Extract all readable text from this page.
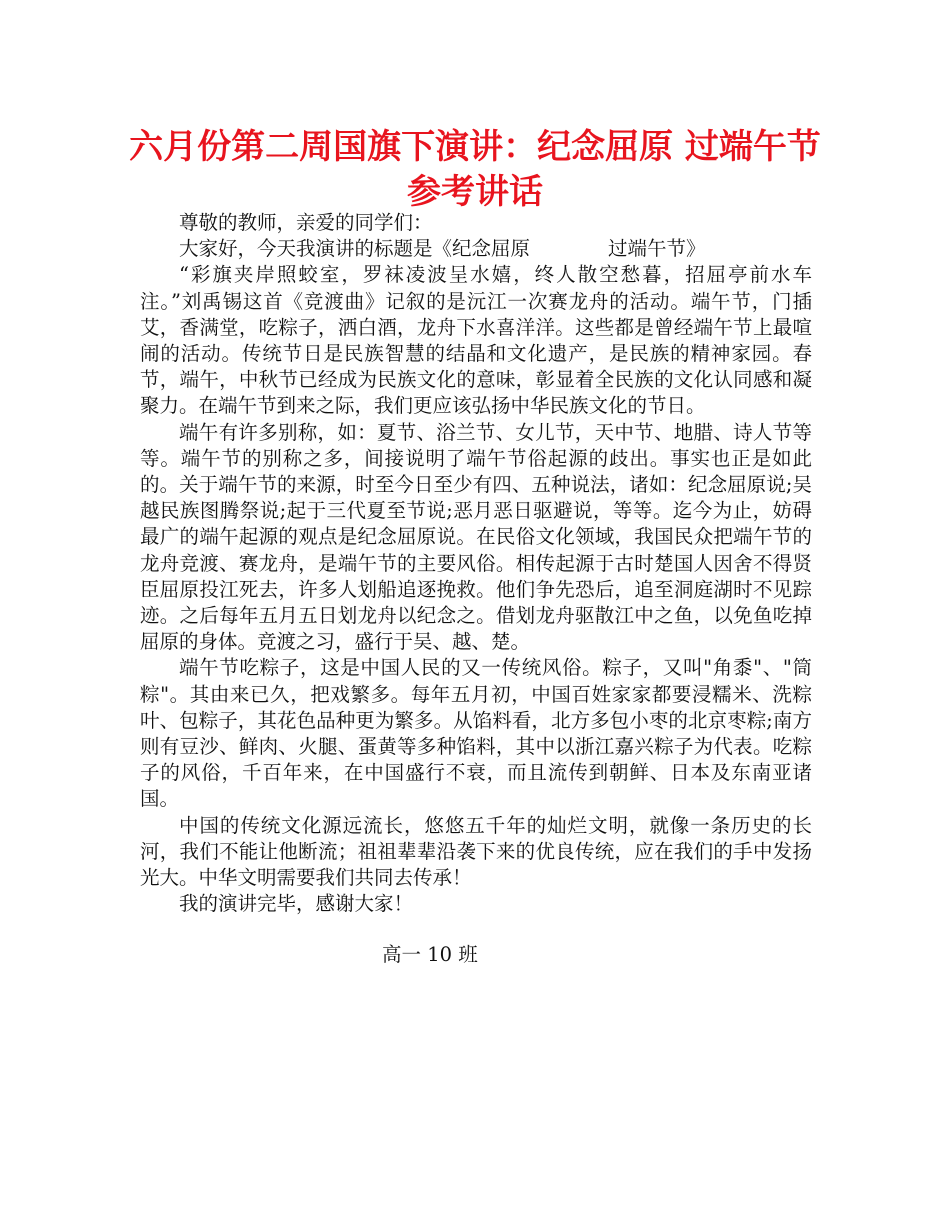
六月份第二周国旗下演讲：纪念屈原 过端午节参考讲话

尊敬的教师，亲爱的同学们：

大家好，今天我演讲的标题是《纪念屈原　　　　过端午节》

“彩旗夹岸照蛟室，罗袜凌波呈水嬉，终人散空愁暮，招屈亭前水车注。”刘禹锡这首《竞渡曲》记叙的是沅江一次赛龙舟的活动。端午节，门插艾，香满堂，吃粽子，洒白酒，龙舟下水喜洋洋。这些都是曾经端午节上最喧闹的活动。传统节日是民族智慧的结晶和文化遗产，是民族的精神家园。春节，端午，中秋节已经成为民族文化的意味，彰显着全民族的文化认同感和凝聚力。在端午节到来之际，我们更应该弘扬中华民族文化的节日。

端午有许多别称，如：夏节、浴兰节、女儿节，天中节、地腊、诗人节等等。端午节的别称之多，间接说明了端午节俗起源的歧出。事实也正是如此的。关于端午节的来源，时至今日至少有四、五种说法，诸如：纪念屈原说;吴越民族图腾祭说;起于三代夏至节说;恶月恶日驱避说，等等。迄今为止，妨碍最广的端午起源的观点是纪念屈原说。在民俗文化领域，我国民众把端午节的龙舟竞渡、赛龙舟，是端午节的主要风俗。相传起源于古时楚国人因舍不得贤臣屈原投江死去，许多人划船追逐挽救。他们争先恐后，追至洞庭湖时不见踪迹。之后每年五月五日划龙舟以纪念之。借划龙舟驱散江中之鱼，以免鱼吃掉屈原的身体。竞渡之习，盛行于吴、越、楚。

端午节吃粽子，这是中国人民的又一传统风俗。粽子，又叫"角黍"、"筒粽"。其由来已久，把戏繁多。每年五月初，中国百姓家家都要浸糯米、洗粽叶、包粽子，其花色品种更为繁多。从馅料看，北方多包小枣的北京枣粽;南方则有豆沙、鲜肉、火腿、蛋黄等多种馅料，其中以浙江嘉兴粽子为代表。吃粽子的风俗，千百年来，在中国盛行不衰，而且流传到朝鲜、日本及东南亚诸国。

中国的传统文化源远流长，悠悠五千年的灿烂文明，就像一条历史的长河，我们不能让他断流；祖祖辈辈沿袭下来的优良传统，应在我们的手中发扬光大。中华文明需要我们共同去传承！

我的演讲完毕，感谢大家！

高一 10 班
